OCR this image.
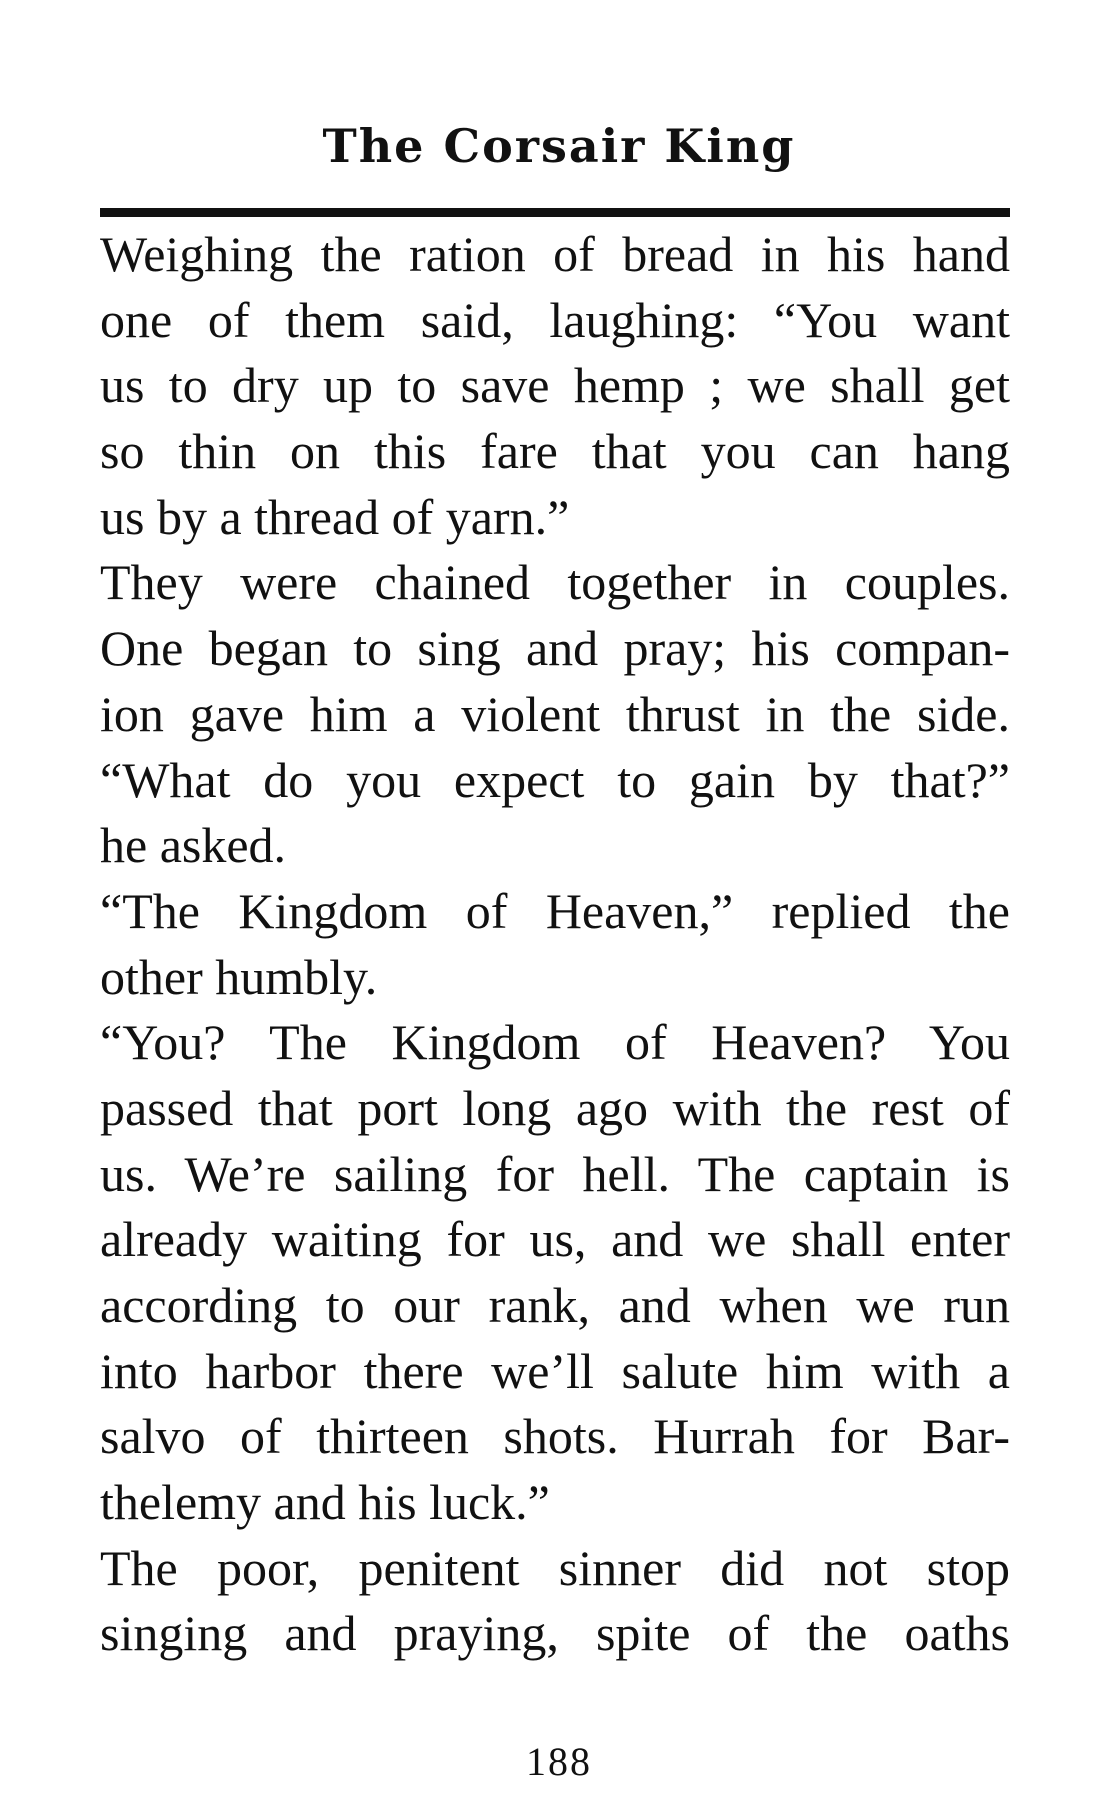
The Corsair King
Weighing the ration of bread in his hand
one of them said, laughing: “You want
us to dry up to save hemp ; we shall get
so thin on this fare that you can hang
us by a thread of yarn.”
They were chained together in couples.
One began to sing and pray; his compan-
ion gave him a violent thrust in the side.
“What do you expect to gain by that?”
he asked.
“The Kingdom of Heaven,” replied the
other humbly.
“You? The Kingdom of Heaven? You
passed that port long ago with the rest of
us. We’re sailing for hell. The captain is
already waiting for us, and we shall enter
according to our rank, and when we run
into harbor there we’ll salute him with a
salvo of thirteen shots. Hurrah for Bar-
thelemy and his luck.”
The poor, penitent sinner did not stop
singing and praying, spite of the oaths
188
